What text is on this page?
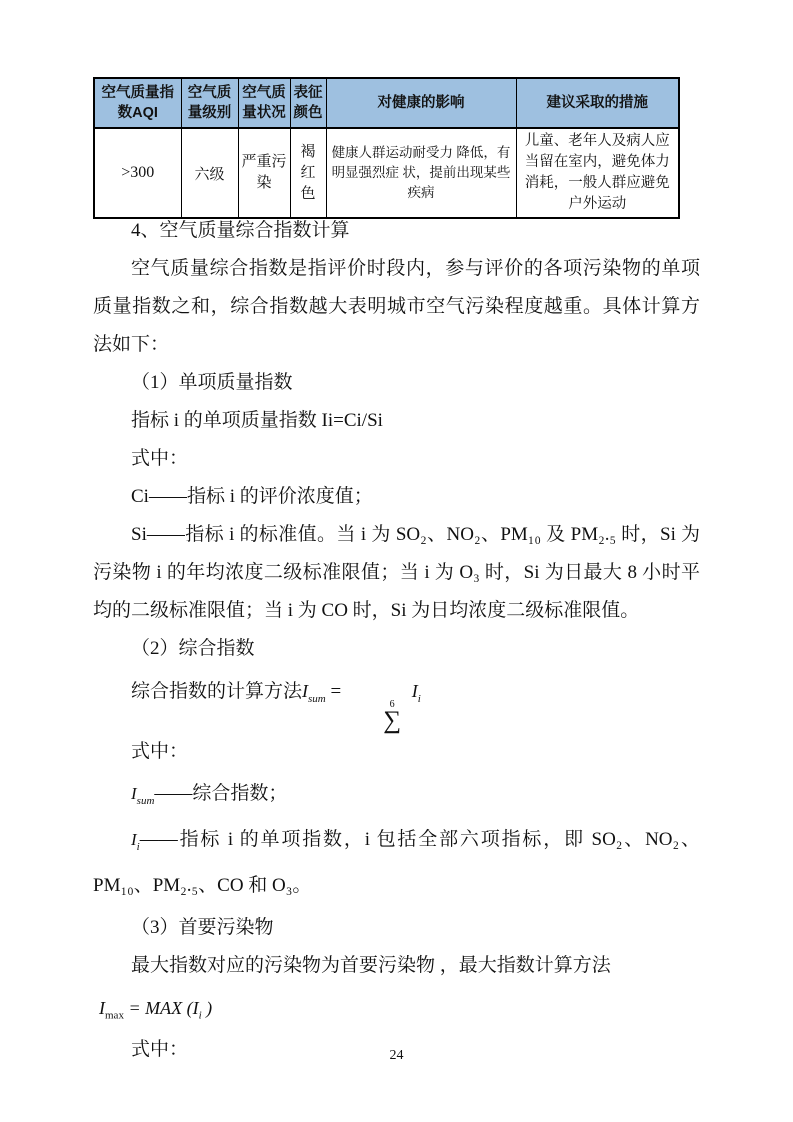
空气质量指数AQI	空气质量级别	空气质量状况	表征颜色	对健康的影响	建议采取的措施
>300	六级	严重污染	褐红色	健康人群运动耐受力 降低，有明显强烈症 状，提前出现某些疾病	儿童、老年人及病人应当留在室内，避免体力消耗，一般人群应避免户外运动

4、空气质量综合指数计算

空气质量综合指数是指评价时段内，参与评价的各项污染物的单项质量指数之和，综合指数越大表明城市空气污染程度越重。具体计算方法如下：

（1）单项质量指数

指标 i 的单项质量指数 Ii=Ci/Si

式中：

Ci——指标 i 的评价浓度值；

Si——指标 i 的标准值。当 i 为 SO₂、NO₂、PM₁₀ 及 PM₂.₅ 时，Si 为污染物 i 的年均浓度二级标准限值；当 i 为 O₃ 时，Si 为日最大 8 小时平均的二级标准限值；当 i 为 CO 时，Si 为日均浓度二级标准限值。

（2）综合指数

综合指数的计算方法$I_{sum}$ =
6
∑
$I_i$

式中：

$I_{sum}——$综合指数；

$I_i——$指标 i 的单项指数，i 包括全部六项指标，即 SO₂、NO₂、PM₁₀、PM₂.₅、CO 和 O₃。

（3）首要污染物

最大指数对应的污染物为首要污染物 ，最大指数计算方法

$I_{max}$ = MAX ($I_i$ )

式中：	24
